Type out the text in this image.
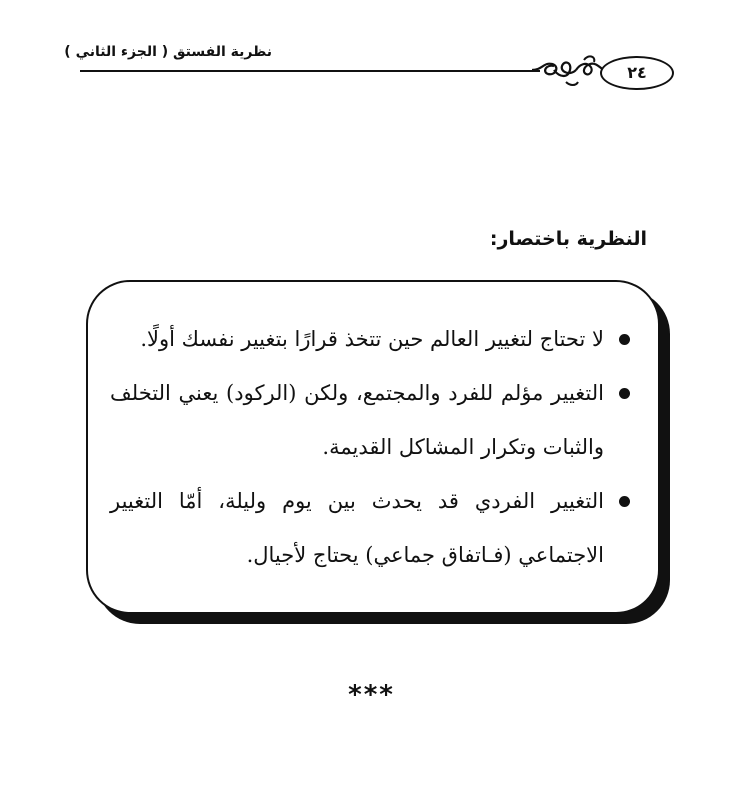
نظرية الفستق ( الجزء الثاني )
٢٤
النظرية باختصار:
لا تحتاج لتغيير العالم حين تتخذ قرارًا بتغيير نفسك أولًا.
التغيير مؤلم للفرد والمجتمع، ولكن (الركود) يعني التخلف والثبات وتكرار المشاكل القديمة.
التغيير الفردي قد يحدث بين يوم وليلة، أمّا التغيير الاجتماعي (فـاتفاق جماعي) يحتاج لأجيال.
***
